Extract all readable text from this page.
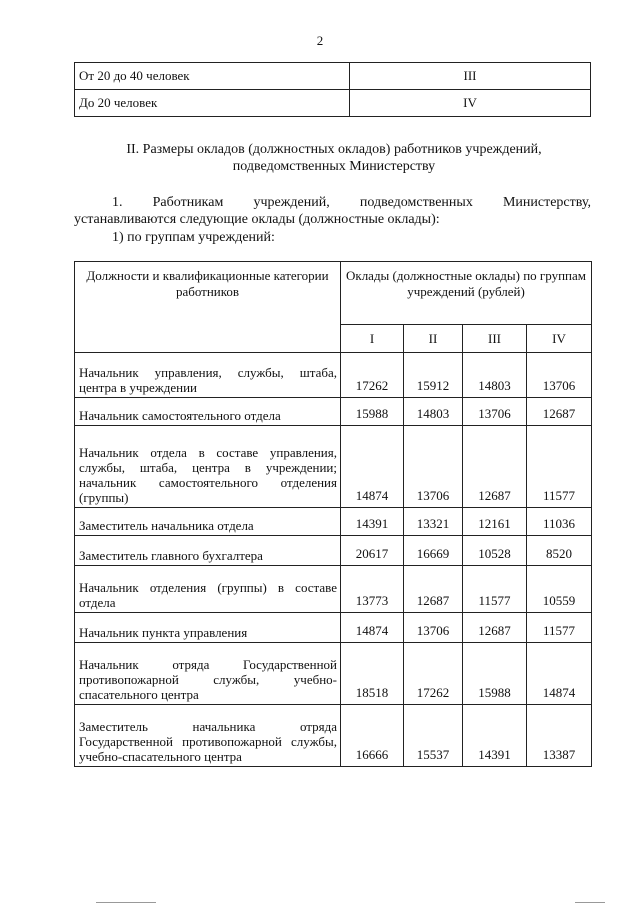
2
От 20 до 40 человек	III
До 20 человек	IV
II. Размеры окладов (должностных окладов) работников учреждений,
подведомственных Министерству
1. Работникам учреждений, подведомственных Министерству,
устанавливаются следующие оклады (должностные оклады):
1) по группам учреждений:
Должности и квалификационные категории работников	Оклады (должностные оклады) по группам учреждений (рублей)			
	I	II	III	IV
Начальник управления, службы, штаба, центра в учреждении	17262	15912	14803	13706
Начальник самостоятельного отдела	15988	14803	13706	12687
Начальник отдела в составе управления, службы, штаба, центра в учреждении; начальник самостоятельного отделения (группы)	14874	13706	12687	11577
Заместитель начальника отдела	14391	13321	12161	11036
Заместитель главного бухгалтера	20617	16669	10528	8520
Начальник отделения (группы) в составе отдела	13773	12687	11577	10559
Начальник пункта управления	14874	13706	12687	11577
Начальник отряда Государственной противопожарной службы, учебно-спасательного центра	18518	17262	15988	14874
Заместитель начальника отряда Государственной противопожарной службы, учебно-спасательного центра	16666	15537	14391	13387
